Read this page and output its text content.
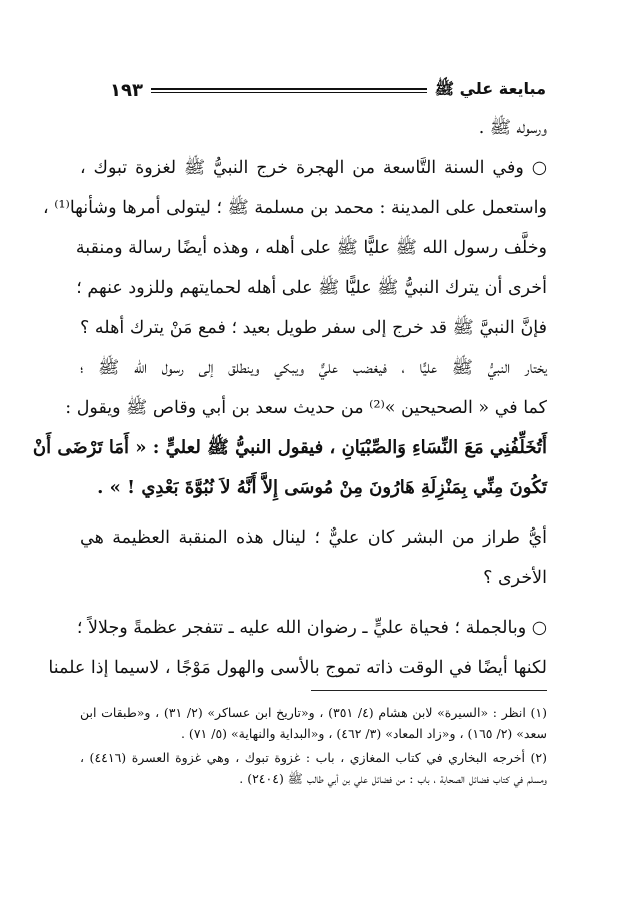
مبايعة علي ﷺ
١٩٣
ورسوله ﷺ .
○ وفي السنة التَّاسعة من الهجرة خرج النبيُّ ﷺ لغزوة تبوك ،
واستعمل على المدينة : محمد بن مسلمة ﷺ ؛ ليتولى أمرها وشأنها⁽¹⁾ ،
وخلَّف رسول الله ﷺ عليًّا ﷺ على أهله ، وهذه أيضًا رسالة ومنقبة
أخرى أن يترك النبيُّ ﷺ عليًّا ﷺ على أهله لحمايتهم وللزود عنهم ؛
فإنَّ النبيَّ ﷺ قد خرج إلى سفر طويل بعيد ؛ فمع مَنْ يترك أهله ؟
يختار النبيُّ ﷺ عليًّا ، فيغضب عليٌّ ويبكي وينطلق إلى رسول الله ﷺ ؛
كما في « الصحيحين »⁽²⁾ من حديث سعد بن أبي وقاص ﷺ ويقول :
أَتُخَلِّفُنِي مَعَ النِّسَاءِ وَالصِّبْيَانِ ، فيقول النبيُّ ﷺ لعليٍّ : « أَمَا تَرْضَى أَنْ
تَكُونَ مِنِّي بِمَنْزِلَةِ هَارُونَ مِنْ مُوسَى إِلاَّ أَنَّهُ لاَ نُبُوَّةَ بَعْدِي ! » .
أيُّ طراز من البشر كان عليٌّ ؛ لينال هذه المنقبة العظيمة هي
الأخرى ؟
○ وبالجملة ؛ فحياة عليٍّ ـ رضوان الله عليه ـ تتفجر عظمةً وجلالاً ؛
لكنها أيضًا في الوقت ذاته تموج بالأسى والهول مَوْجًا ، لاسيما إذا علمنا
(١) انظر : «السيرة» لابن هشام (٤/ ٣٥١) ، و«تاريخ ابن عساكر» (٢/ ٣١) ، و«طبقات ابن
سعد» (٢/ ١٦٥) ، و«زاد المعاد» (٣/ ٤٦٢) ، و«البداية والنهاية» (٥/ ٧١) .
(٢) أخرجه البخاري في كتاب المغازي ، باب : غزوة تبوك ، وهي غزوة العسرة (٤٤١٦) ،
ومسلم في كتاب فضائل الصحابة ، باب : من فضائل علي بن أبي طالب ﷺ (٢٤٠٤) .
